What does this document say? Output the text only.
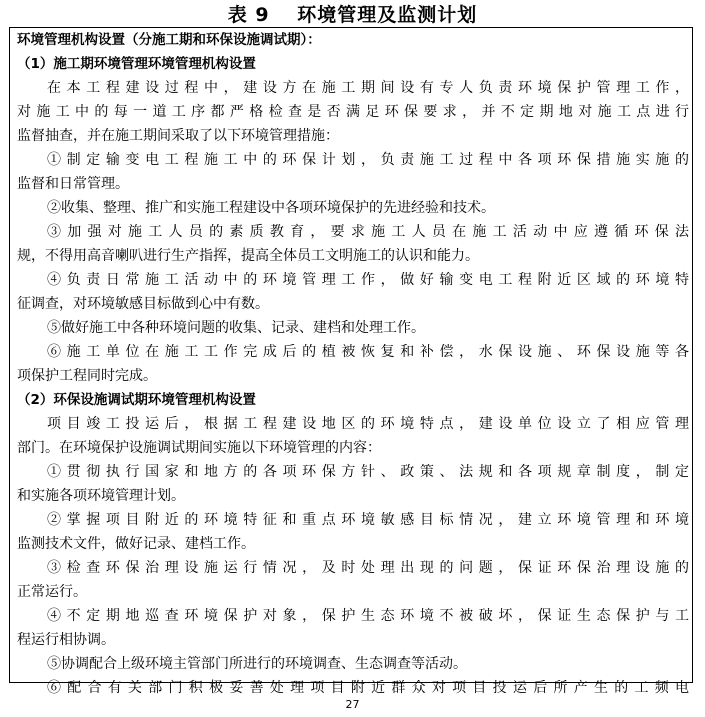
表 9　 环境管理及监测计划
环境管理机构设置（分施工期和环保设施调试期）：
（1）施工期环境管理环境管理机构设置
在本工程建设过程中，建设方在施工期间设有专人负责环境保护管理工作，
对施工中的每一道工序都严格检查是否满足环保要求，并不定期地对施工点进行
监督抽查，并在施工期间采取了以下环境管理措施：
①制定输变电工程施工中的环保计划，负责施工过程中各项环保措施实施的
监督和日常管理。
②收集、整理、推广和实施工程建设中各项环境保护的先进经验和技术。
③加强对施工人员的素质教育，要求施工人员在施工活动中应遵循环保法
规，不得用高音喇叭进行生产指挥，提高全体员工文明施工的认识和能力。
④负责日常施工活动中的环境管理工作，做好输变电工程附近区域的环境特
征调查，对环境敏感目标做到心中有数。
⑤做好施工中各种环境问题的收集、记录、建档和处理工作。
⑥施工单位在施工工作完成后的植被恢复和补偿，水保设施、环保设施等各
项保护工程同时完成。
（2）环保设施调试期环境管理机构设置
项目竣工投运后，根据工程建设地区的环境特点，建设单位设立了相应管理
部门。在环境保护设施调试期间实施以下环境管理的内容：
①贯彻执行国家和地方的各项环保方针、政策、法规和各项规章制度，制定
和实施各项环境管理计划。
②掌握项目附近的环境特征和重点环境敏感目标情况，建立环境管理和环境
监测技术文件，做好记录、建档工作。
③检查环保治理设施运行情况，及时处理出现的问题，保证环保治理设施的
正常运行。
④不定期地巡查环境保护对象，保护生态环境不被破坏，保证生态保护与工
程运行相协调。
⑤协调配合上级环境主管部门所进行的环境调查、生态调查等活动。
⑥配合有关部门积极妥善处理项目附近群众对项目投运后所产生的工频电
27
